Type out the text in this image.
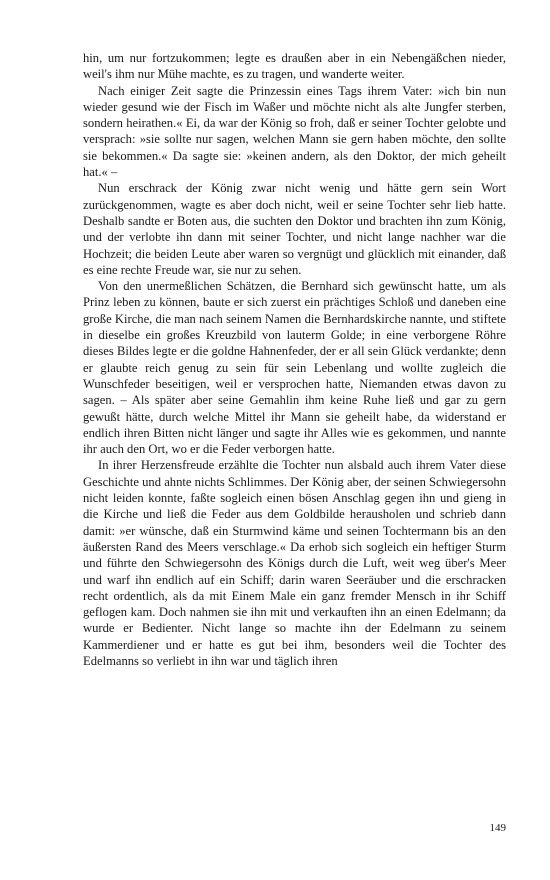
hin, um nur fortzukommen; legte es draußen aber in ein Nebengäßchen nieder, weil's ihm nur Mühe machte, es zu tragen, und wanderte weiter.

Nach einiger Zeit sagte die Prinzessin eines Tags ihrem Vater: »ich bin nun wieder gesund wie der Fisch im Waßer und möchte nicht als alte Jungfer sterben, sondern heirathen.« Ei, da war der König so froh, daß er seiner Tochter gelobte und versprach: »sie sollte nur sagen, welchen Mann sie gern haben möchte, den sollte sie bekommen.« Da sagte sie: »keinen andern, als den Doktor, der mich geheilt hat.« –

Nun erschrack der König zwar nicht wenig und hätte gern sein Wort zurückgenommen, wagte es aber doch nicht, weil er seine Tochter sehr lieb hatte. Deshalb sandte er Boten aus, die suchten den Doktor und brachten ihn zum König, und der verlobte ihn dann mit seiner Tochter, und nicht lange nachher war die Hochzeit; die beiden Leute aber waren so vergnügt und glücklich mit einander, daß es eine rechte Freude war, sie nur zu sehen.

Von den unermeßlichen Schätzen, die Bernhard sich gewünscht hatte, um als Prinz leben zu können, baute er sich zuerst ein prächtiges Schloß und daneben eine große Kirche, die man nach seinem Namen die Bernhardskirche nannte, und stiftete in dieselbe ein großes Kreuzbild von lauterm Golde; in eine verborgene Röhre dieses Bildes legte er die goldne Hahnenfeder, der er all sein Glück verdankte; denn er glaubte reich genug zu sein für sein Lebenlang und wollte zugleich die Wunschfeder beseitigen, weil er versprochen hatte, Niemanden etwas davon zu sagen. – Als später aber seine Gemahlin ihm keine Ruhe ließ und gar zu gern gewußt hätte, durch welche Mittel ihr Mann sie geheilt habe, da widerstand er endlich ihren Bitten nicht länger und sagte ihr Alles wie es gekommen, und nannte ihr auch den Ort, wo er die Feder verborgen hatte.

In ihrer Herzensfreude erzählte die Tochter nun alsbald auch ihrem Vater diese Geschichte und ahnte nichts Schlimmes. Der König aber, der seinen Schwiegersohn nicht leiden konnte, faßte sogleich einen bösen Anschlag gegen ihn und gieng in die Kirche und ließ die Feder aus dem Goldbilde herausholen und schrieb dann damit: »er wünsche, daß ein Sturmwind käme und seinen Tochtermann bis an den äußersten Rand des Meers verschlage.« Da erhob sich sogleich ein heftiger Sturm und führte den Schwiegersohn des Königs durch die Luft, weit weg über's Meer und warf ihn endlich auf ein Schiff; darin waren Seeräuber und die erschracken recht ordentlich, als da mit Einem Male ein ganz fremder Mensch in ihr Schiff geflogen kam. Doch nahmen sie ihn mit und verkauften ihn an einen Edelmann; da wurde er Bedienter. Nicht lange so machte ihn der Edelmann zu seinem Kammerdiener und er hatte es gut bei ihm, besonders weil die Tochter des Edelmanns so verliebt in ihn war und täglich ihren

149
